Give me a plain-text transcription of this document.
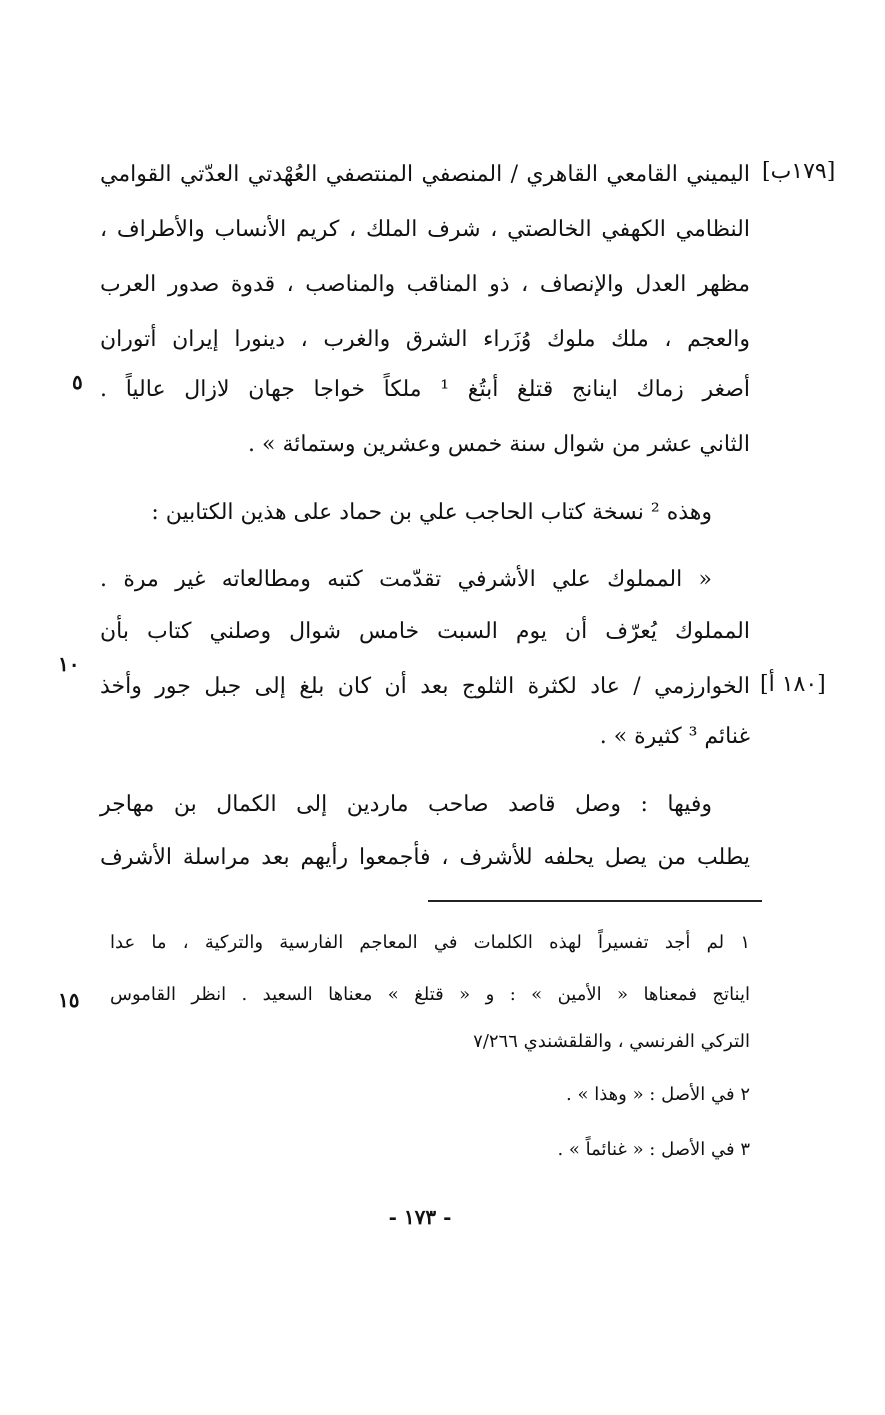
[١٧٩ب]
[١٨٠ أ]
٥
١٠
١٥
اليميني القامعي القاهري / المنصفي المنتصفي العُهْدتي العدّتي القوامي
النظامي الكهفي الخالصتي ، شرف الملك ، كريم الأنساب والأطراف ،
مظهر العدل والإنصاف ، ذو المناقب والمناصب ، قدوة صدور العرب
والعجم ، ملك ملوك وُزَراء الشرق والغرب ، دينورا إيران أتوران
أصغر زماك اينانج قتلغ أبتُغ ¹ ملكاً خواجا جهان لازال عالياً .
الثاني عشر من شوال سنة خمس وعشرين وستمائة » .
وهذه ² نسخة كتاب الحاجب علي بن حماد على هذين الكتابين :
« المملوك علي الأشرفي تقدّمت كتبه ومطالعاته غير مرة .
المملوك يُعرّف أن يوم السبت خامس شوال وصلني كتاب بأن
الخوارزمي / عاد لكثرة الثلوج بعد أن كان بلغ إلى جبل جور وأخذ
غنائم ³ كثيرة » .
وفيها : وصل قاصد صاحب ماردين إلى الكمال بن مهاجر
يطلب من يصل يحلفه للأشرف ، فأجمعوا رأيهم بعد مراسلة الأشرف
١ لم أجد تفسيراً لهذه الكلمات في المعاجم الفارسية والتركية ، ما عدا
ايناتج فمعناها « الأمين » : و « قتلغ » معناها السعيد . انظر القاموس
التركي الفرنسي ، والقلقشندي ٧/٢٦٦
٢ في الأصل : « وهذا » .
٣ في الأصل : « غنائماً » .
- ١٧٣ -
